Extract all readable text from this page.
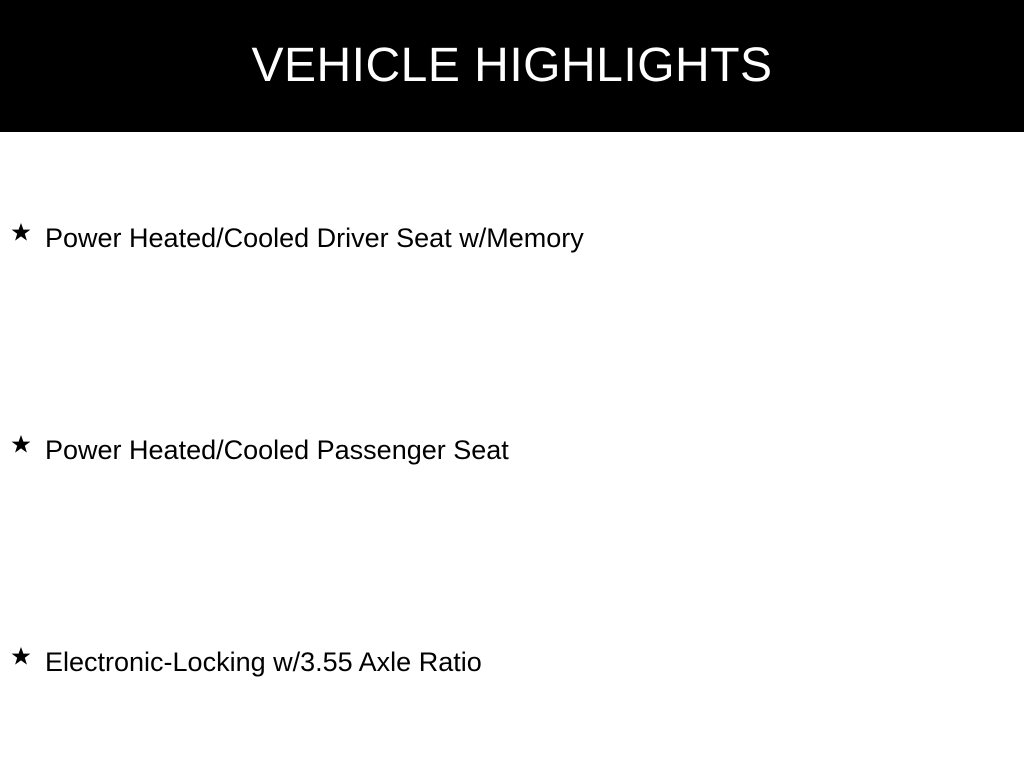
VEHICLE HIGHLIGHTS
Power Heated/Cooled Driver Seat w/Memory
Power Heated/Cooled Passenger Seat
Electronic-Locking w/3.55 Axle Ratio
